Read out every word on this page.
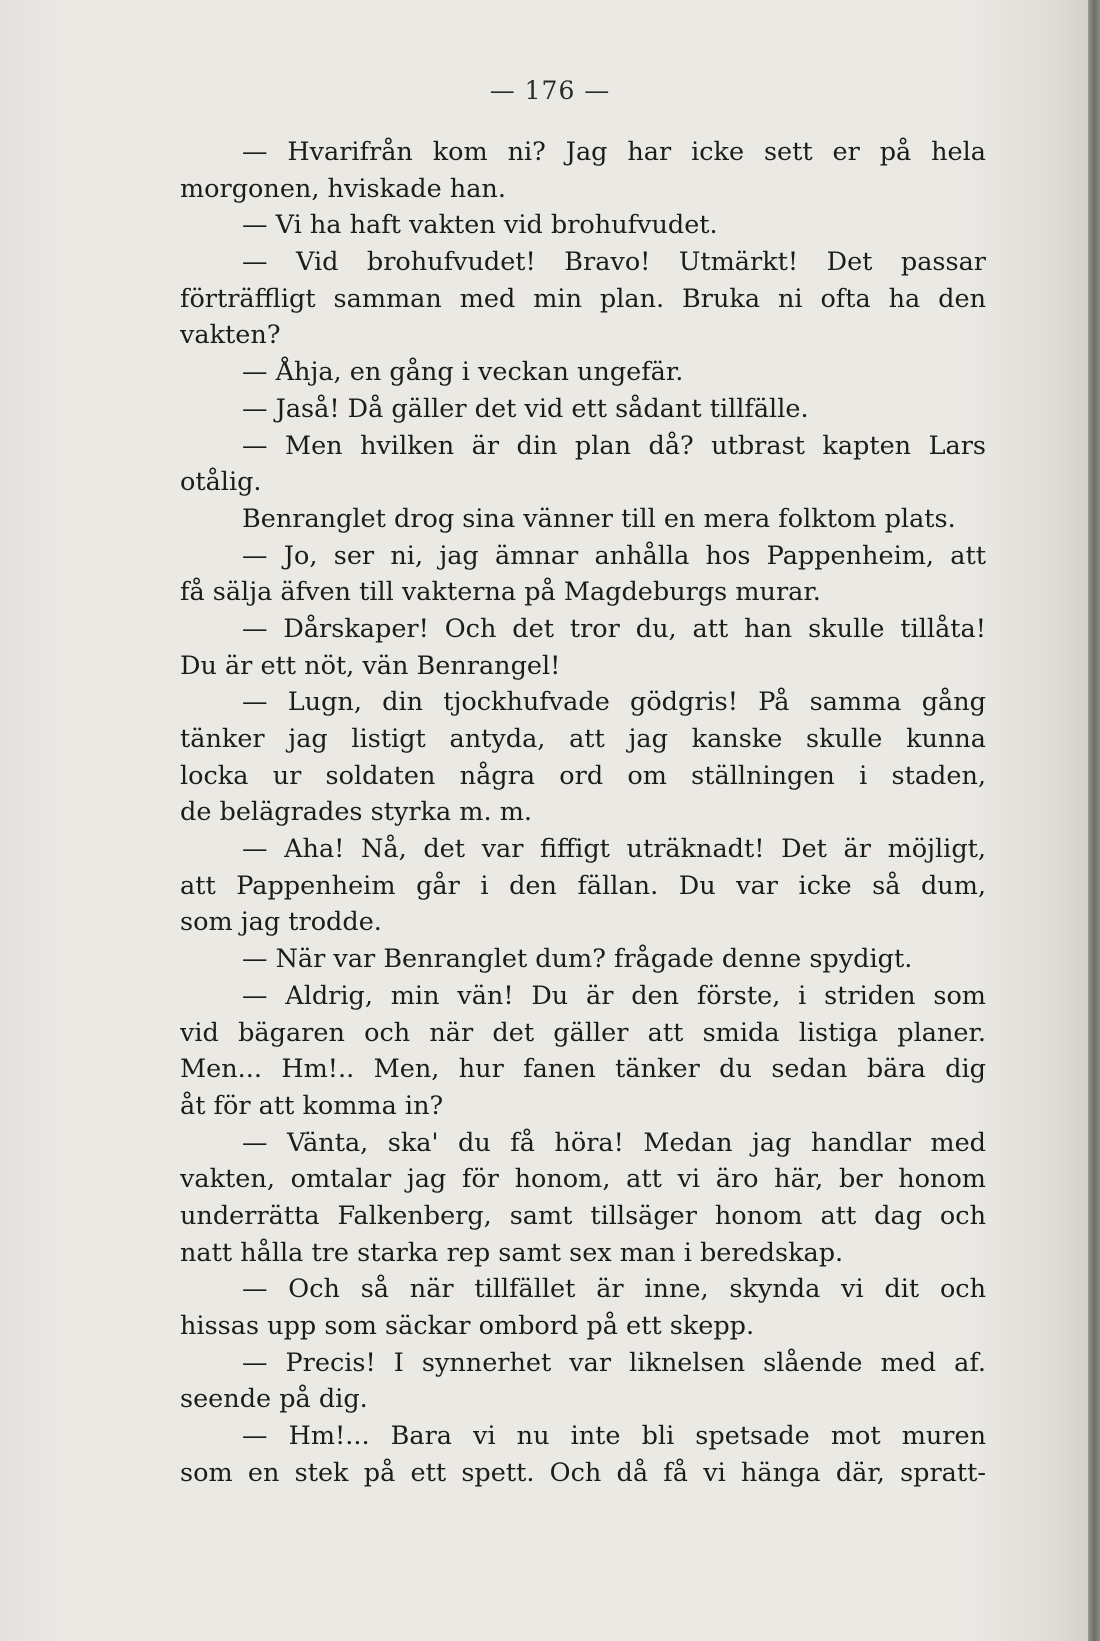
— 176 —
— Hvarifrån kom ni? Jag har icke sett er på hela
morgonen, hviskade han.
— Vi ha haft vakten vid brohufvudet.
— Vid brohufvudet! Bravo! Utmärkt! Det passar
förträffligt samman med min plan. Bruka ni ofta ha den
vakten?
— Åhja, en gång i veckan ungefär.
— Jaså! Då gäller det vid ett sådant tillfälle.
— Men hvilken är din plan då? utbrast kapten Lars
otålig.
Benranglet drog sina vänner till en mera folktom plats.
— Jo, ser ni, jag ämnar anhålla hos Pappenheim, att
få sälja äfven till vakterna på Magdeburgs murar.
— Dårskaper! Och det tror du, att han skulle tillåta!
Du är ett nöt, vän Benrangel!
— Lugn, din tjockhufvade gödgris! På samma gång
tänker jag listigt antyda, att jag kanske skulle kunna
locka ur soldaten några ord om ställningen i staden,
de belägrades styrka m. m.
— Aha! Nå, det var fiffigt uträknadt! Det är möjligt,
att Pappenheim går i den fällan. Du var icke så dum,
som jag trodde.
— När var Benranglet dum? frågade denne spydigt.
— Aldrig, min vän! Du är den förste, i striden som
vid bägaren och när det gäller att smida listiga planer.
Men... Hm!.. Men, hur fanen tänker du sedan bära dig
åt för att komma in?
— Vänta, ska' du få höra! Medan jag handlar med
vakten, omtalar jag för honom, att vi äro här, ber honom
underrätta Falkenberg, samt tillsäger honom att dag och
natt hålla tre starka rep samt sex man i beredskap.
— Och så när tillfället är inne, skynda vi dit och
hissas upp som säckar ombord på ett skepp.
— Precis! I synnerhet var liknelsen slående med af.
seende på dig.
— Hm!... Bara vi nu inte bli spetsade mot muren
som en stek på ett spett. Och då få vi hänga där, spratt-
